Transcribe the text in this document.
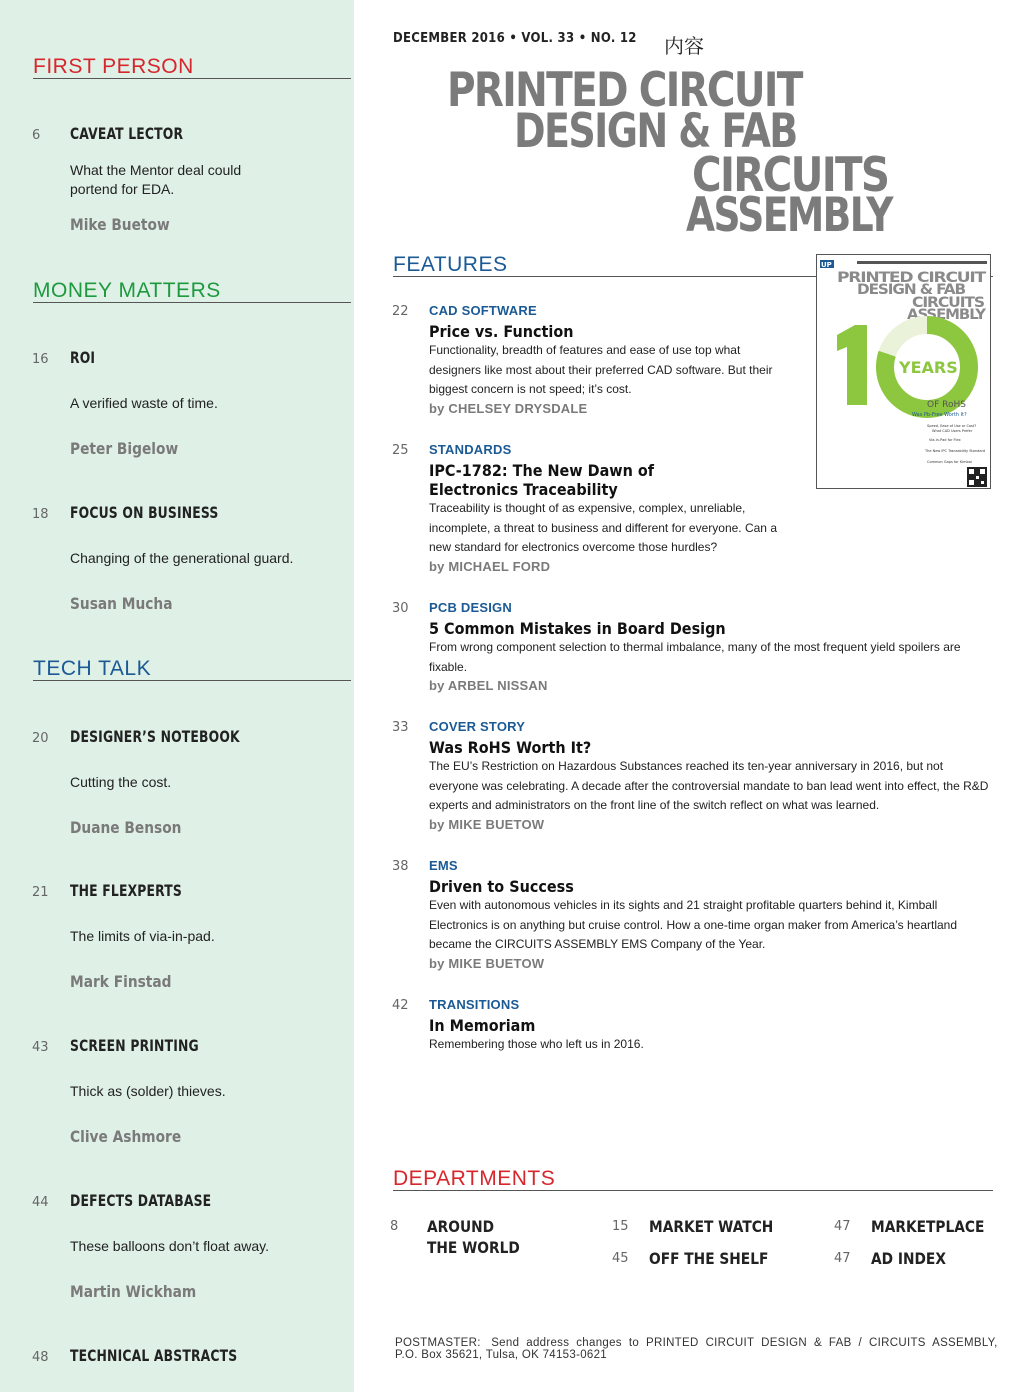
FIRST PERSON
6 CAVEAT LECTOR
What the Mentor deal could portend for EDA.
Mike Buetow
MONEY MATTERS
16 ROI
A verified waste of time.
Peter Bigelow
18 FOCUS ON BUSINESS
Changing of the generational guard.
Susan Mucha
TECH TALK
20 DESIGNER’S NOTEBOOK
Cutting the cost.
Duane Benson
21 THE FLEXPERTS
The limits of via-in-pad.
Mark Finstad
43 SCREEN PRINTING
Thick as (solder) thieves.
Clive Ashmore
44 DEFECTS DATABASE
These balloons don’t float away.
Martin Wickham
48 TECHNICAL ABSTRACTS
DECEMBER 2016 • VOL. 33 • NO. 12 内容
PRINTED CIRCUIT
DESIGN & FAB
CIRCUITS
ASSEMBLY
FEATURES
22 CAD SOFTWARE
Price vs. Function
Functionality, breadth of features and ease of use top what designers like most about their preferred CAD software. But their biggest concern is not speed; it’s cost.
by CHELSEY DRYSDALE
25 STANDARDS
IPC-1782: The New Dawn of
Electronics Traceability
Traceability is thought of as expensive, complex, unreliable, incomplete, a threat to business and different for everyone. Can a new standard for electronics overcome those hurdles?
by MICHAEL FORD
30 PCB DESIGN
5 Common Mistakes in Board Design
From wrong component selection to thermal imbalance, many of the most frequent yield spoilers are fixable.
by ARBEL NISSAN
33 COVER STORY
Was RoHS Worth It?
The EU’s Restriction on Hazardous Substances reached its ten-year anniversary in 2016, but not everyone was celebrating. A decade after the controversial mandate to ban lead went into effect, the R&D experts and administrators on the front line of the switch reflect on what was learned.
by MIKE BUETOW
38 EMS
Driven to Success
Even with autonomous vehicles in its sights and 21 straight profitable quarters behind it, Kimball Electronics is on anything but cruise control. How a one-time organ maker from America’s heartland became the CIRCUITS ASSEMBLY EMS Company of the Year.
by MIKE BUETOW
42 TRANSITIONS
In Memoriam
Remembering those who left us in 2016.
UP
PRINTED CIRCUIT
DESIGN & FAB
CIRCUITS
ASSEMBLY
YEARS
OF RoHS
Was Pb-Free Worth It?
Speed, Ease of Use or Cost?
What CAD Users Prefer
Via-in-Pad for Flex
The New IPC Traceability Standard
Common Gaps for Kimbal
DEPARTMENTS
8 AROUND
THE WORLD
15 MARKET WATCH
45 OFF THE SHELF
47 MARKETPLACE
47 AD INDEX
POSTMASTER:   Send  address  changes  to  PRINTED  CIRCUIT  DESIGN  &  FAB  /  CIRCUITS  ASSEMBLY,
P.O. Box 35621, Tulsa, OK 74153-0621
